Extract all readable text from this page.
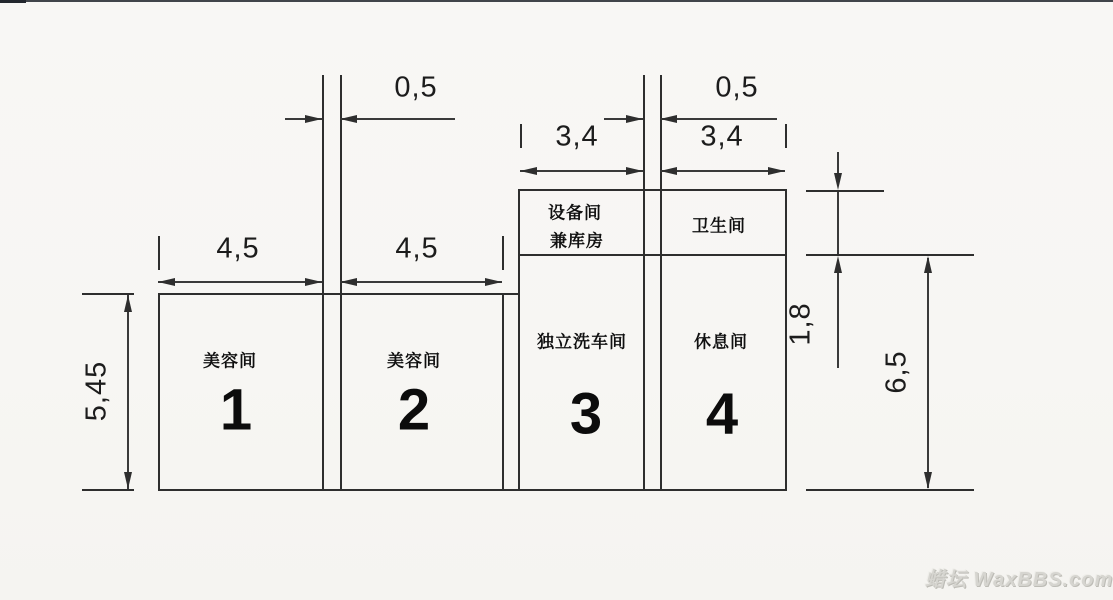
0,5	0,5
3,4	3,4
4,5	4,5
5,45
1,8
6,5
美容间
1
美容间
2
独立洗车间
3
休息间
4
设备间
兼库房
卫生间
蜡坛 WaxBBS.com
